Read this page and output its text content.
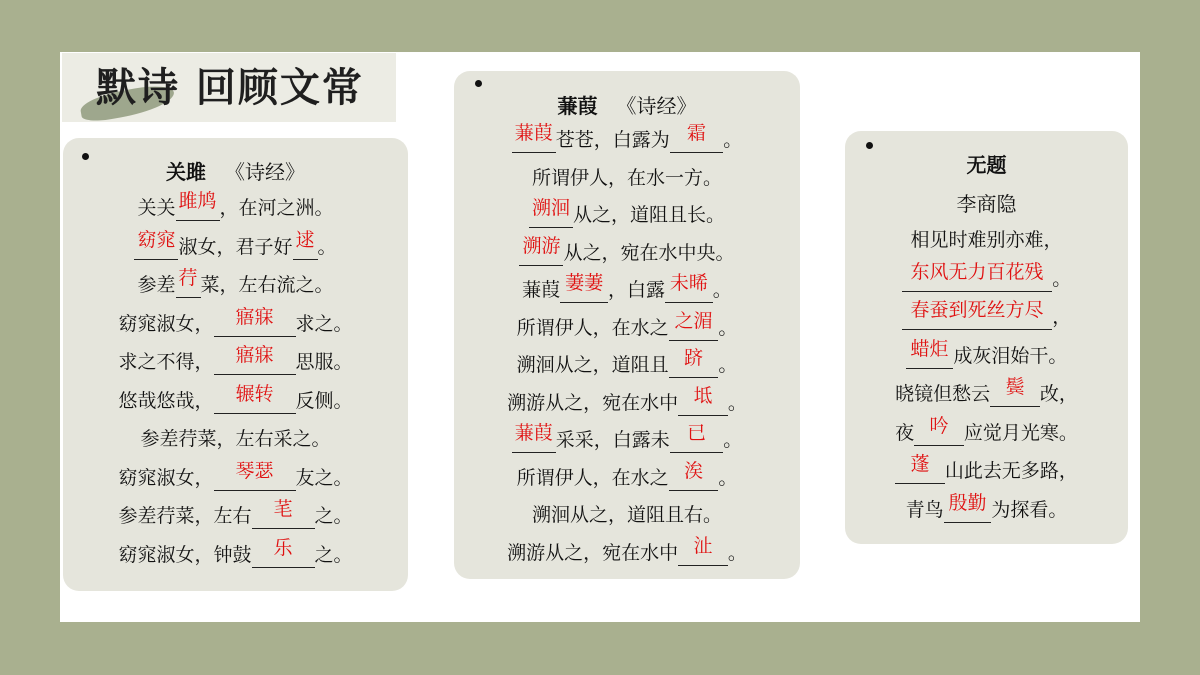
默诗 回顾文常
关雎 《诗经》
关关 雎鸠 ，在河之洲。
窈窕 淑女，君子好 逑 。
参差 荇 菜，左右流之。
窈窕淑女， 寤寐 求之。
求之不得， 寤寐 思服。
悠哉悠哉， 辗转 反侧。
参差荇菜，左右采之。
窈窕淑女， 琴瑟 友之。
参差荇菜，左右 芼 之。
窈窕淑女，钟鼓 乐 之。
蒹葭 《诗经》
蒹葭 苍苍，白露为 霜 。
所谓伊人，在水一方。
溯洄 从之，道阻且长。
溯游 从之，宛在水中央。
蒹葭 萋萋 ，白露 未晞 。
所谓伊人，在水之 之湄 。
溯洄从之，道阻且 跻 。
溯游从之，宛在水中 坻 。
蒹葭 采采，白露未 已 。
所谓伊人，在水之 涘 。
溯洄从之，道阻且右。
溯游从之，宛在水中 沚 。
无题
李商隐
相见时难别亦难，
东风无力百花残 。
春蚕到死丝方尽 ，
蜡炬 成灰泪始干。
晓镜但愁云 鬓 改，
夜 吟 应觉月光寒。
蓬 山此去无多路，
青鸟 殷勤 为探看。
